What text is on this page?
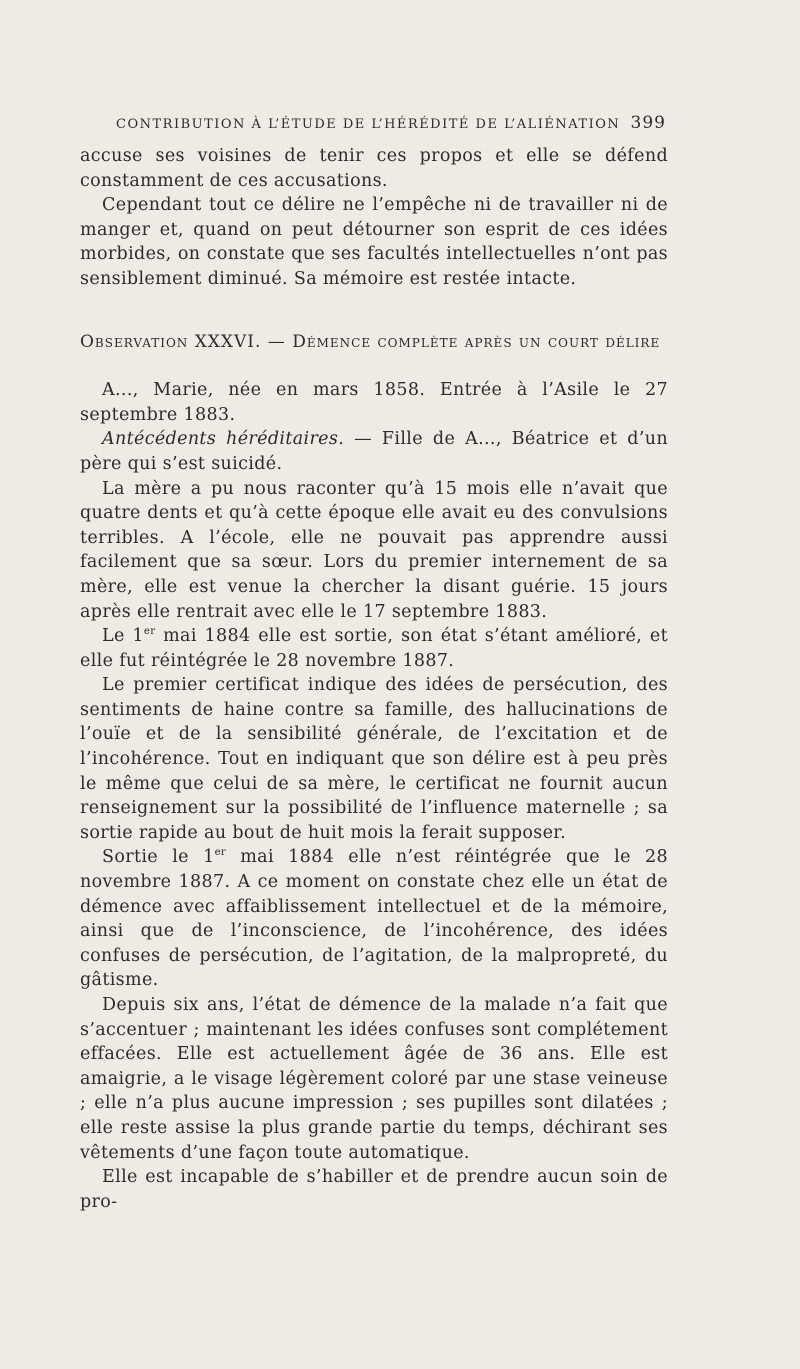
CONTRIBUTION À L’ÉTUDE DE L’HÉRÉDITÉ DE L’ALIÉNATION 399

accuse ses voisines de tenir ces propos et elle se défend constamment de ces accusations.

Cependant tout ce délire ne l’empêche ni de travailler ni de manger et, quand on peut détourner son esprit de ces idées morbides, on constate que ses facultés intellectuelles n’ont pas sensiblement diminué. Sa mémoire est restée intacte.

Observation XXXVI. — Démence complète après un court délire

A..., Marie, née en mars 1858. Entrée à l’Asile le 27 septembre 1883.

Antécédents héréditaires. — Fille de A..., Béatrice et d’un père qui s’est suicidé.

La mère a pu nous raconter qu’à 15 mois elle n’avait que quatre dents et qu’à cette époque elle avait eu des convulsions terribles. A l’école, elle ne pouvait pas apprendre aussi facilement que sa sœur. Lors du premier internement de sa mère, elle est venue la chercher la disant guérie. 15 jours après elle rentrait avec elle le 17 septembre 1883.

Le 1er mai 1884 elle est sortie, son état s’étant amélioré, et elle fut réintégrée le 28 novembre 1887.

Le premier certificat indique des idées de persécution, des sentiments de haine contre sa famille, des hallucinations de l’ouïe et de la sensibilité générale, de l’excitation et de l’incohérence. Tout en indiquant que son délire est à peu près le même que celui de sa mère, le certificat ne fournit aucun renseignement sur la possibilité de l’influence maternelle ; sa sortie rapide au bout de huit mois la ferait supposer.

Sortie le 1er mai 1884 elle n’est réintégrée que le 28 novembre 1887. A ce moment on constate chez elle un état de démence avec affaiblissement intellectuel et de la mémoire, ainsi que de l’inconscience, de l’incohérence, des idées confuses de persécution, de l’agitation, de la malpropreté, du gâtisme.

Depuis six ans, l’état de démence de la malade n’a fait que s’accentuer ; maintenant les idées confuses sont complétement effacées. Elle est actuellement âgée de 36 ans. Elle est amaigrie, a le visage légèrement coloré par une stase veineuse ; elle n’a plus aucune impression ; ses pupilles sont dilatées ; elle reste assise la plus grande partie du temps, déchirant ses vêtements d’une façon toute automatique.

Elle est incapable de s’habiller et de prendre aucun soin de pro-
